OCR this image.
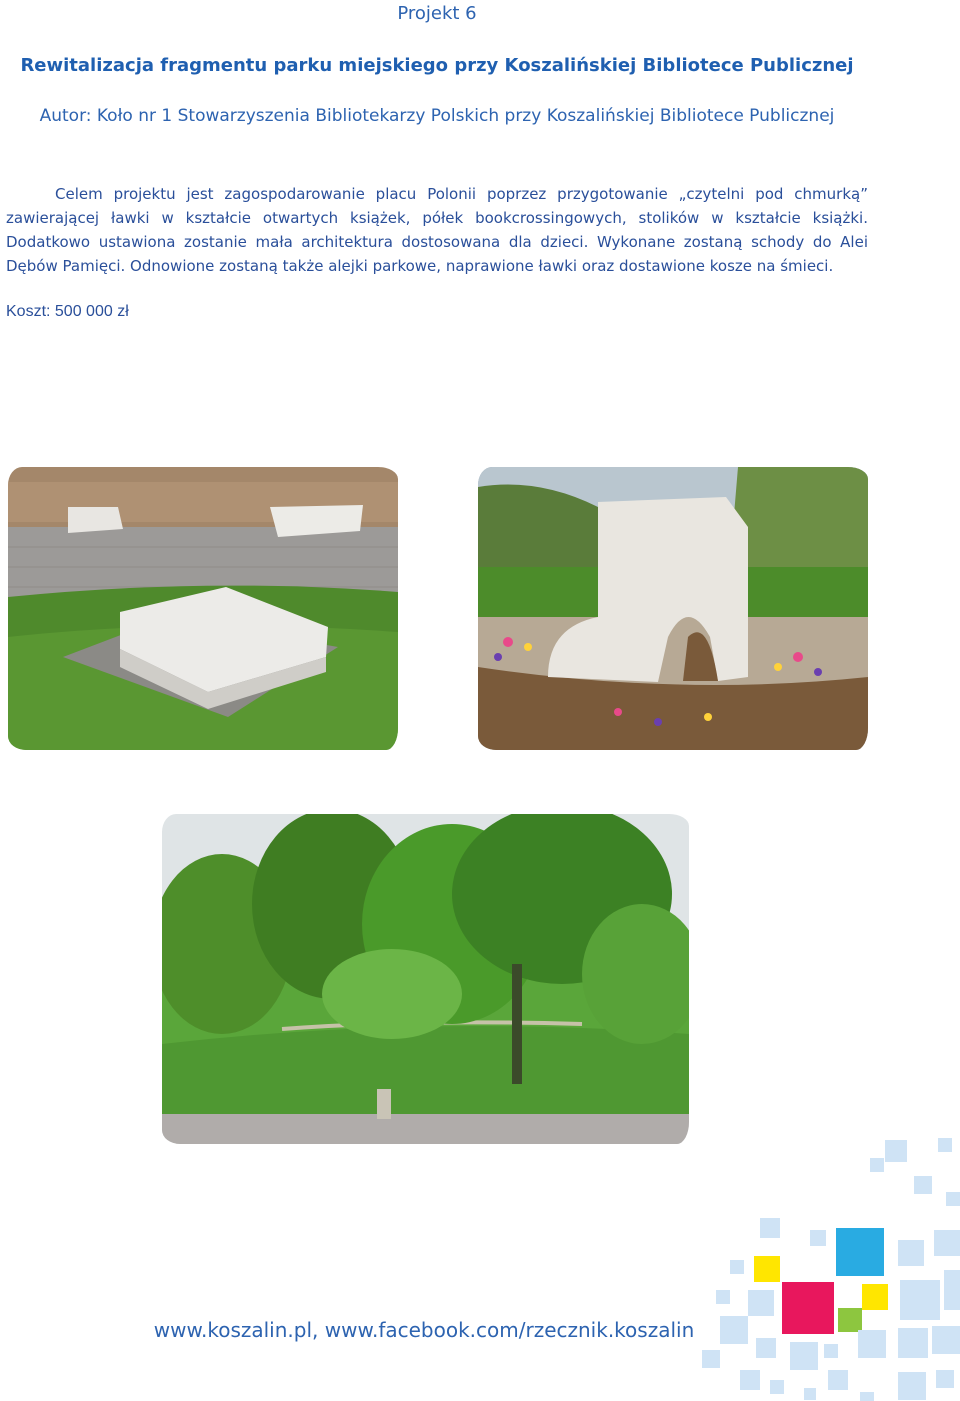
Projekt 6
Rewitalizacja fragmentu parku miejskiego przy Koszalińskiej Bibliotece Publicznej
Autor: Koło nr 1 Stowarzyszenia Bibliotekarzy Polskich przy Koszalińskiej Bibliotece Publicznej
Celem projektu jest zagospodarowanie placu Polonii poprzez przygotowanie „czytelni pod chmurką” zawierającej ławki w kształcie otwartych książek, półek bookcrossingowych, stolików w kształcie książki. Dodatkowo ustawiona zostanie mała architektura dostosowana dla dzieci. Wykonane zostaną schody do Alei Dębów Pamięci. Odnowione zostaną także alejki parkowe, naprawione ławki oraz dostawione kosze na śmieci.
Koszt: 500 000 zł
www.koszalin.pl, www.facebook.com/rzecznik.koszalin
